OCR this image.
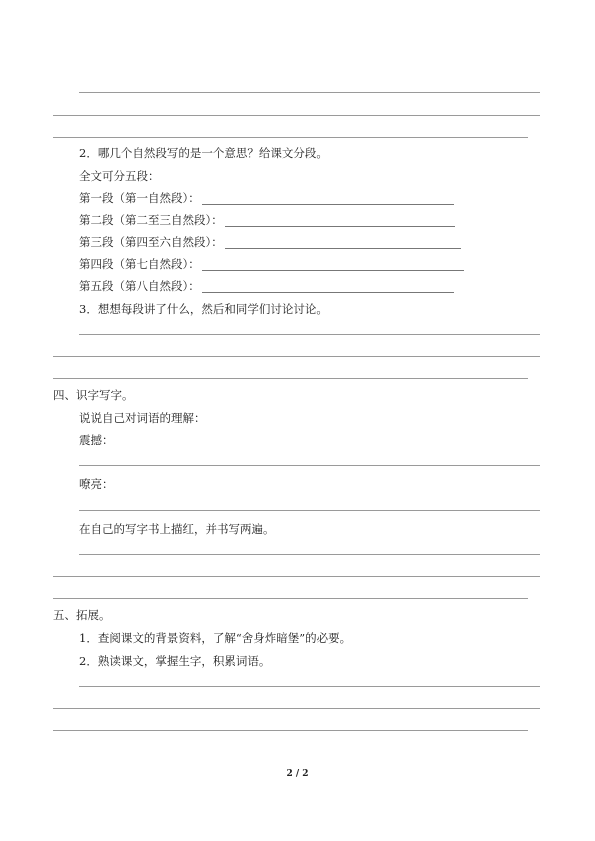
2．哪几个自然段写的是一个意思？给课文分段。
全文可分五段：
第一段（第一自然段）：
第二段（第二至三自然段）：
第三段（第四至六自然段）：
第四段（第七自然段）：
第五段（第八自然段）：
3．想想每段讲了什么，然后和同学们讨论讨论。
四、识字写字。
说说自己对词语的理解：
震撼：
嘹亮：
在自己的写字书上描红，并书写两遍。
五、拓展。
1．查阅课文的背景资料，了解“舍身炸暗堡”的必要。
2．熟读课文，掌握生字，积累词语。
2 / 2
